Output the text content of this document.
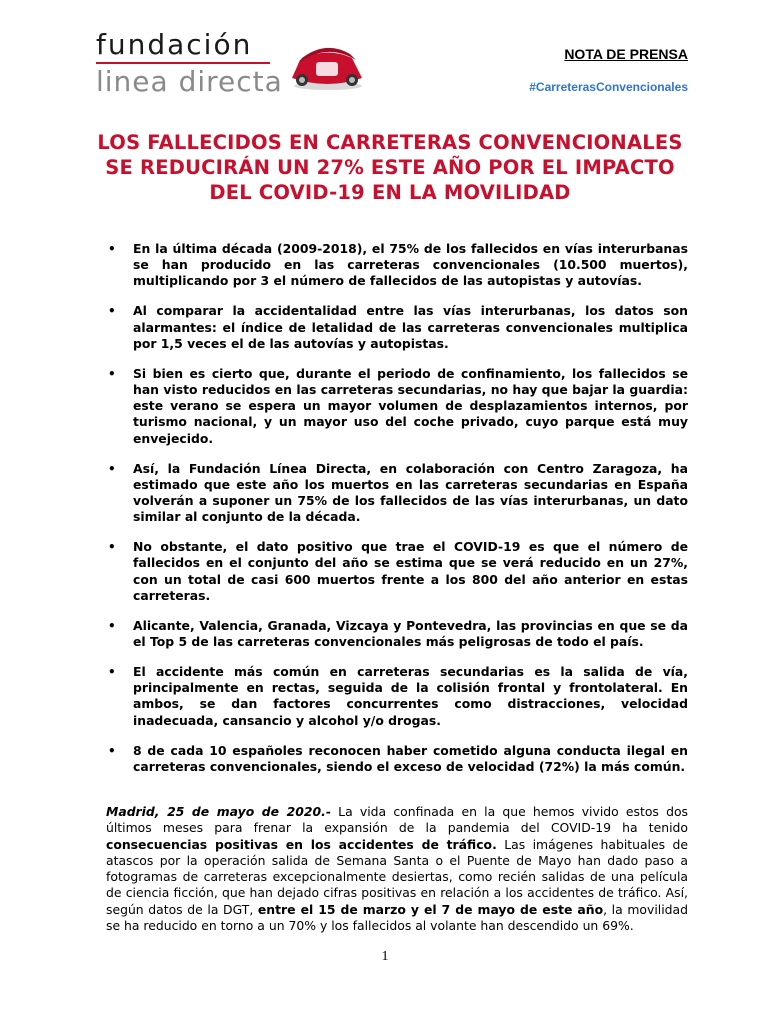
fundación
linea directa
NOTA DE PRENSA
#CarreterasConvencionales
LOS FALLECIDOS EN CARRETERAS CONVENCIONALES
SE REDUCIRÁN UN 27% ESTE AÑO POR EL IMPACTO
DEL COVID-19 EN LA MOVILIDAD
• En la última década (2009-2018), el 75% de los fallecidos en vías interurbanas se han producido en las carreteras convencionales (10.500 muertos), multiplicando por 3 el número de fallecidos de las autopistas y autovías.
• Al comparar la accidentalidad entre las vías interurbanas, los datos son alarmantes: el índice de letalidad de las carreteras convencionales multiplica por 1,5 veces el de las autovías y autopistas.
• Si bien es cierto que, durante el periodo de confinamiento, los fallecidos se han visto reducidos en las carreteras secundarias, no hay que bajar la guardia: este verano se espera un mayor volumen de desplazamientos internos, por turismo nacional, y un mayor uso del coche privado, cuyo parque está muy envejecido.
• Así, la Fundación Línea Directa, en colaboración con Centro Zaragoza, ha estimado que este año los muertos en las carreteras secundarias en España volverán a suponer un 75% de los fallecidos de las vías interurbanas, un dato similar al conjunto de la década.
• No obstante, el dato positivo que trae el COVID-19 es que el número de fallecidos en el conjunto del año se estima que se verá reducido en un 27%, con un total de casi 600 muertos frente a los 800 del año anterior en estas carreteras.
• Alicante, Valencia, Granada, Vizcaya y Pontevedra, las provincias en que se da el Top 5 de las carreteras convencionales más peligrosas de todo el país.
• El accidente más común en carreteras secundarias es la salida de vía, principalmente en rectas, seguida de la colisión frontal y frontolateral. En ambos, se dan factores concurrentes como distracciones, velocidad inadecuada, cansancio y alcohol y/o drogas.
• 8 de cada 10 españoles reconocen haber cometido alguna conducta ilegal en carreteras convencionales, siendo el exceso de velocidad (72%) la más común.

Madrid, 25 de mayo de 2020.- La vida confinada en la que hemos vivido estos dos últimos meses para frenar la expansión de la pandemia del COVID-19 ha tenido consecuencias positivas en los accidentes de tráfico. Las imágenes habituales de atascos por la operación salida de Semana Santa o el Puente de Mayo han dado paso a fotogramas de carreteras excepcionalmente desiertas, como recién salidas de una película de ciencia ficción, que han dejado cifras positivas en relación a los accidentes de tráfico. Así, según datos de la DGT, entre el 15 de marzo y el 7 de mayo de este año, la movilidad se ha reducido en torno a un 70% y los fallecidos al volante han descendido un 69%.

1
